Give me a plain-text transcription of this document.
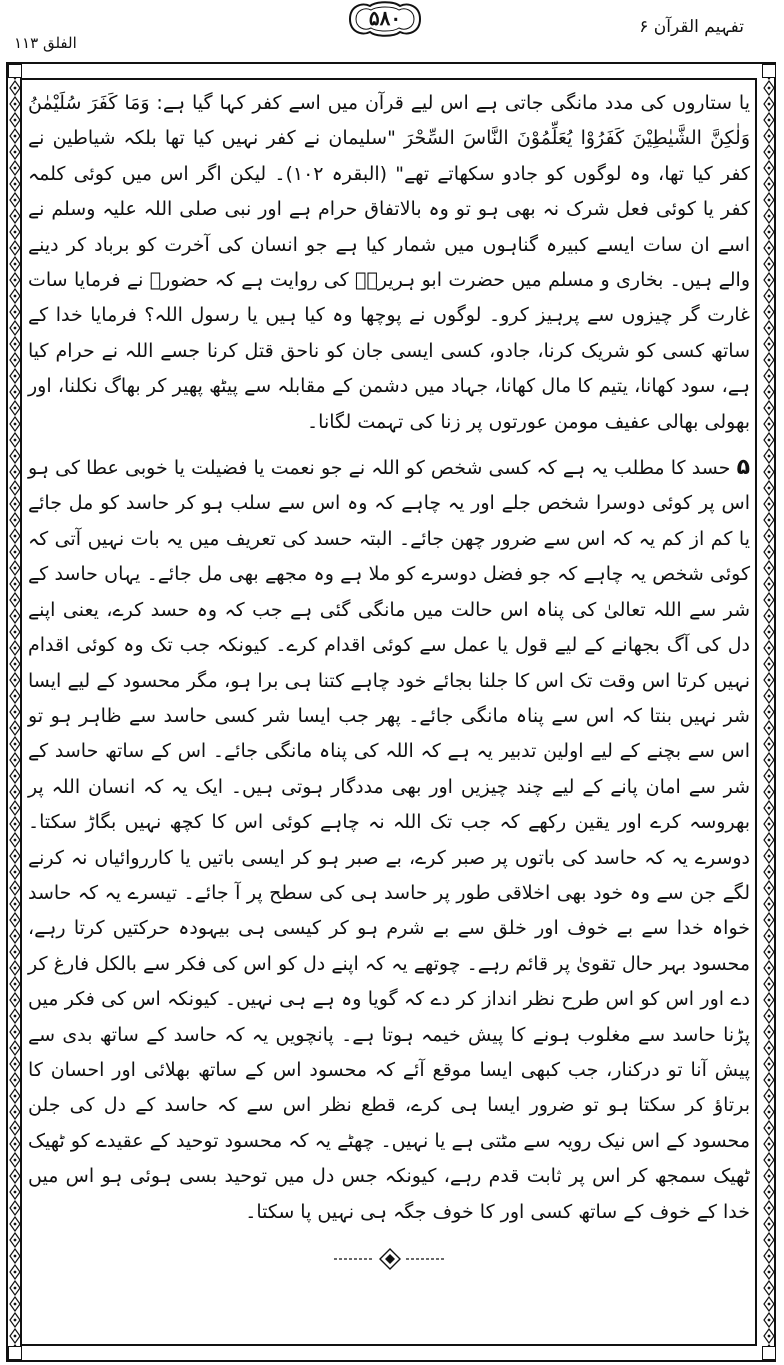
تفہیم القرآن ۶
۵۸۰
الفلق ۱۱۳

یا ستاروں کی مدد مانگی جاتی ہے اس لیے قرآن میں اسے کفر کہا گیا ہے: وَمَا كَفَرَ سُلَيْمٰنُ وَلٰكِنَّ الشَّيٰطِيْنَ كَفَرُوْا يُعَلِّمُوْنَ النَّاسَ السِّحْرَ "سلیمان نے کفر نہیں کیا تھا بلکہ شیاطین نے کفر کیا تھا، وہ لوگوں کو جادو سکھاتے تھے" (البقرہ ۱۰۲)۔ لیکن اگر اس میں کوئی کلمہ کفر یا کوئی فعل شرک نہ بھی ہو تو وہ بالاتفاق حرام ہے اور نبی صلی اللہ علیہ وسلم نے اسے ان سات ایسے کبیرہ گناہوں میں شمار کیا ہے جو انسان کی آخرت کو برباد کر دینے والے ہیں۔ بخاری و مسلم میں حضرت ابو ہریرہؓ کی روایت ہے کہ حضورؐ نے فرمایا سات غارت گر چیزوں سے پرہیز کرو۔ لوگوں نے پوچھا وہ کیا ہیں یا رسول اللہ؟ فرمایا خدا کے ساتھ کسی کو شریک کرنا، جادو، کسی ایسی جان کو ناحق قتل کرنا جسے اللہ نے حرام کیا ہے، سود کھانا، یتیم کا مال کھانا، جہاد میں دشمن کے مقابلہ سے پیٹھ پھیر کر بھاگ نکلنا، اور بھولی بھالی عفیف مومن عورتوں پر زنا کی تہمت لگانا۔

۵ حسد کا مطلب یہ ہے کہ کسی شخص کو اللہ نے جو نعمت یا فضیلت یا خوبی عطا کی ہو اس پر کوئی دوسرا شخص جلے اور یہ چاہے کہ وہ اس سے سلب ہو کر حاسد کو مل جائے یا کم از کم یہ کہ اس سے ضرور چھن جائے۔ البتہ حسد کی تعریف میں یہ بات نہیں آتی کہ کوئی شخص یہ چاہے کہ جو فضل دوسرے کو ملا ہے وہ مجھے بھی مل جائے۔ یہاں حاسد کے شر سے اللہ تعالیٰ کی پناہ اس حالت میں مانگی گئی ہے جب کہ وہ حسد کرے، یعنی اپنے دل کی آگ بجھانے کے لیے قول یا عمل سے کوئی اقدام کرے۔ کیونکہ جب تک وہ کوئی اقدام نہیں کرتا اس وقت تک اس کا جلنا بجائے خود چاہے کتنا ہی برا ہو، مگر محسود کے لیے ایسا شر نہیں بنتا کہ اس سے پناہ مانگی جائے۔ پھر جب ایسا شر کسی حاسد سے ظاہر ہو تو اس سے بچنے کے لیے اولین تدبیر یہ ہے کہ اللہ کی پناہ مانگی جائے۔ اس کے ساتھ حاسد کے شر سے امان پانے کے لیے چند چیزیں اور بھی مددگار ہوتی ہیں۔ ایک یہ کہ انسان اللہ پر بھروسہ کرے اور یقین رکھے کہ جب تک اللہ نہ چاہے کوئی اس کا کچھ نہیں بگاڑ سکتا۔ دوسرے یہ کہ حاسد کی باتوں پر صبر کرے، بے صبر ہو کر ایسی باتیں یا کارروائیاں نہ کرنے لگے جن سے وہ خود بھی اخلاقی طور پر حاسد ہی کی سطح پر آ جائے۔ تیسرے یہ کہ حاسد خواہ خدا سے بے خوف اور خلق سے بے شرم ہو کر کیسی ہی بیہودہ حرکتیں کرتا رہے، محسود بہر حال تقویٰ پر قائم رہے۔ چوتھے یہ کہ اپنے دل کو اس کی فکر سے بالکل فارغ کر دے اور اس کو اس طرح نظر انداز کر دے کہ گویا وہ ہے ہی نہیں۔ کیونکہ اس کی فکر میں پڑنا حاسد سے مغلوب ہونے کا پیش خیمہ ہوتا ہے۔ پانچویں یہ کہ حاسد کے ساتھ بدی سے پیش آنا تو درکنار، جب کبھی ایسا موقع آئے کہ محسود اس کے ساتھ بھلائی اور احسان کا برتاؤ کر سکتا ہو تو ضرور ایسا ہی کرے، قطع نظر اس سے کہ حاسد کے دل کی جلن محسود کے اس نیک رویہ سے مٹتی ہے یا نہیں۔ چھٹے یہ کہ محسود توحید کے عقیدے کو ٹھیک ٹھیک سمجھ کر اس پر ثابت قدم رہے، کیونکہ جس دل میں توحید بسی ہوئی ہو اس میں خدا کے خوف کے ساتھ کسی اور کا خوف جگہ ہی نہیں پا سکتا۔
